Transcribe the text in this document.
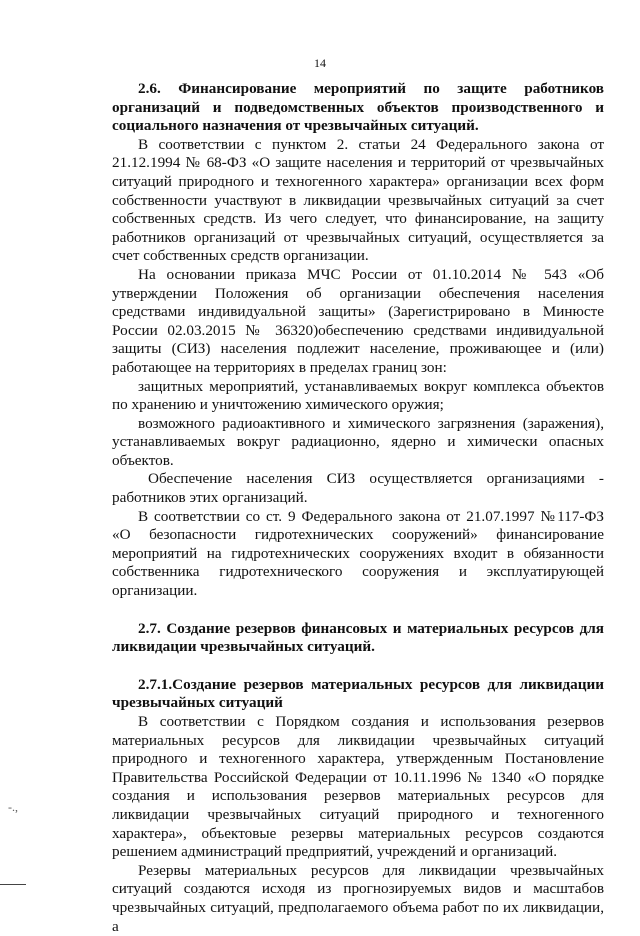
14

2.6. Финансирование мероприятий по защите работников организаций и подведомственных объектов производственного и социального назначения от чрезвычайных ситуаций.

В соответствии с пунктом 2. статьи 24 Федерального закона от 21.12.1994 № 68-ФЗ «О защите населения и территорий от чрезвычайных ситуаций природного и техногенного характера» организации всех форм собственности участвуют в ликвидации чрезвычайных ситуаций за счет собственных средств. Из чего следует, что финансирование, на защиту работников организаций от чрезвычайных ситуаций, осуществляется за счет собственных средств организации.

На основании приказа МЧС России от 01.10.2014 № 543 «Об утверждении Положения об организации обеспечения населения средствами индивидуальной защиты» (Зарегистрировано в Минюсте России 02.03.2015 № 36320)обеспечению средствами индивидуальной защиты (СИЗ) населения подлежит население, проживающее и (или) работающее на территориях в пределах границ зон:

защитных мероприятий, устанавливаемых вокруг комплекса объектов по хранению и уничтожению химического оружия;

возможного радиоактивного и химического загрязнения (заражения), устанавливаемых вокруг радиационно, ядерно и химически опасных объектов.

Обеспечение населения СИЗ осуществляется организациями - работников этих организаций.

В соответствии со ст. 9 Федерального закона от 21.07.1997 №117-ФЗ «О безопасности гидротехнических сооружений» финансирование мероприятий на гидротехнических сооружениях входит в обязанности собственника гидротехнического сооружения и эксплуатирующей организации.

2.7. Создание резервов финансовых и материальных ресурсов для ликвидации чрезвычайных ситуаций.

2.7.1.Создание резервов материальных ресурсов для ликвидации чрезвычайных ситуаций

В соответствии с Порядком создания и использования резервов материальных ресурсов для ликвидации чрезвычайных ситуаций природного и техногенного характера, утвержденным Постановление Правительства Российской Федерации от 10.11.1996 № 1340 «О порядке создания и использования резервов материальных ресурсов для ликвидации чрезвычайных ситуаций природного и техногенного характера», объектовые резервы материальных ресурсов создаются решением администраций предприятий, учреждений и организаций.

Резервы материальных ресурсов для ликвидации чрезвычайных ситуаций создаются исходя из прогнозируемых видов и масштабов чрезвычайных ситуаций, предполагаемого объема работ по их ликвидации, а

-.,
